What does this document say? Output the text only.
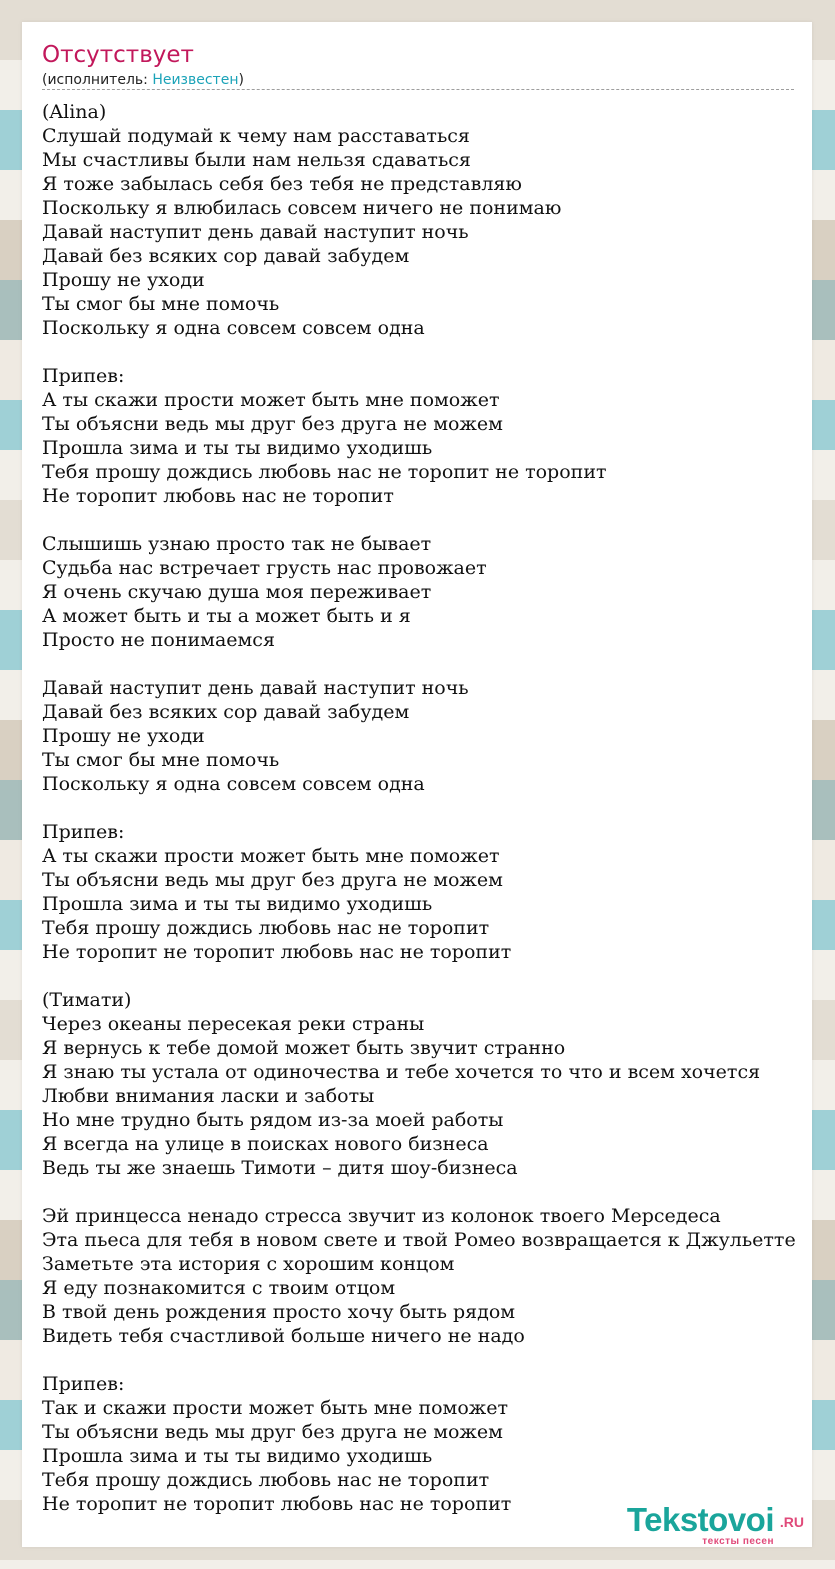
Отсутствует
(исполнитель: Неизвестен)
(Alina)
Слушай подумай к чему нам расставаться
Мы счастливы были нам нельзя сдаваться
Я тоже забылась себя без тебя не представляю
Поскольку я влюбилась совсем ничего не понимаю
Давай наступит день давай наступит ночь
Давай без всяких сор давай забудем
Прошу не уходи
Ты смог бы мне помочь
Поскольку я одна совсем совсем одна

Припев:
А ты скажи прости может быть мне поможет
Ты объясни ведь мы друг без друга не можем
Прошла зима и ты ты видимо уходишь
Тебя прошу дождись любовь нас не торопит не торопит
Не торопит любовь нас не торопит

Слышишь узнаю просто так не бывает
Судьба нас встречает грусть нас провожает
Я очень скучаю душа моя переживает
А может быть и ты а может быть и я
Просто не понимаемся

Давай наступит день давай наступит ночь
Давай без всяких сор давай забудем
Прошу не уходи
Ты смог бы мне помочь
Поскольку я одна совсем совсем одна

Припев:
А ты скажи прости может быть мне поможет
Ты объясни ведь мы друг без друга не можем
Прошла зима и ты ты видимо уходишь
Тебя прошу дождись любовь нас не торопит
Не торопит не торопит любовь нас не торопит

(Тимати)
Через океаны пересекая реки страны
Я вернусь к тебе домой может быть звучит странно
Я знаю ты устала от одиночества и тебе хочется то что и всем хочется
Любви внимания ласки и заботы
Но мне трудно быть рядом из-за моей работы
Я всегда на улице в поисках нового бизнеса
Ведь ты же знаешь Тимоти – дитя шоу-бизнеса

Эй принцесса ненадо стресса звучит из колонок твоего Мерседеса
Эта пьеса для тебя в новом свете и твой Ромео возвращается к Джульетте
Заметьте эта история с хорошим концом
Я еду познакомится с твоим отцом
В твой день рождения просто хочу быть рядом
Видеть тебя счастливой больше ничего не надо

Припев:
Так и скажи прости может быть мне поможет
Ты объясни ведь мы друг без друга не можем
Прошла зима и ты ты видимо уходишь
Тебя прошу дождись любовь нас не торопит
Не торопит не торопит любовь нас не торопит	Tekstovoi .RU
тексты песен
